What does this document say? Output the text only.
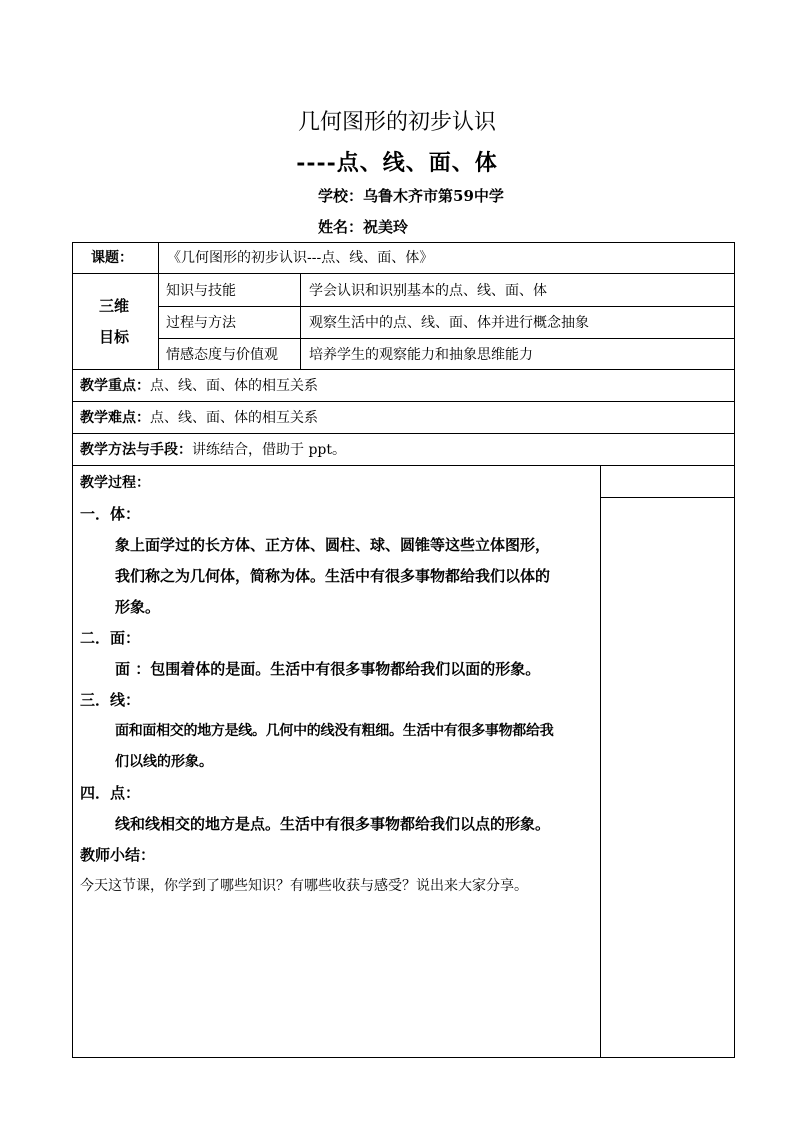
几何图形的初步认识
----点、线、面、体
学校：乌鲁木齐市第59中学
姓名：祝美玲
课题： 《几何图形的初步认识---点、线、面、体》
三维
目标
知识与技能	学会认识和识别基本的点、线、面、体
过程与方法	观察生活中的点、线、面、体并进行概念抽象
情感态度与价值观 培养学生的观察能力和抽象思维能力
教学重点：点、线、面、体的相互关系
教学难点：点、线、面、体的相互关系
教学方法与手段：讲练结合，借助于 ppt。
教学过程：
一．体：
象上面学过的长方体、正方体、圆柱、球、圆锥等这些立体图形，
我们称之为几何体，简称为体。生活中有很多事物都给我们以体的
形象。
二．面：
面 ：包围着体的是面。生活中有很多事物都给我们以面的形象。
三．线：
面和面相交的地方是线。几何中的线没有粗细。生活中有很多事物都给我
们以线的形象。
四．点：
线和线相交的地方是点。生活中有很多事物都给我们以点的形象。
教师小结：
今天这节课，你学到了哪些知识？有哪些收获与感受？说出来大家分享。
